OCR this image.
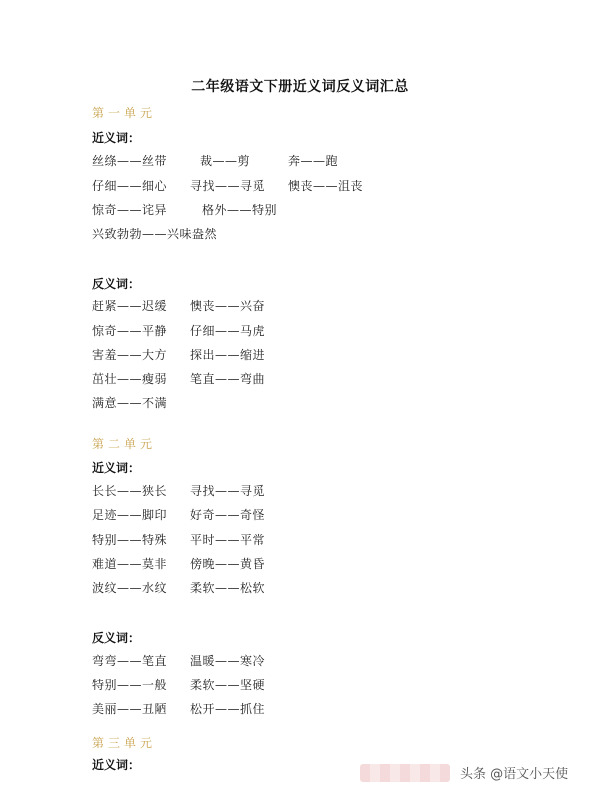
二年级语文下册近义词反义词汇总
第一单元
近义词：
丝绦——丝带	裁——剪	奔——跑
仔细——细心 寻找——寻觅 懊丧——沮丧
惊奇——诧异	格外——特别
兴致勃勃——兴味盎然
反义词：
赶紧——迟缓 懊丧——兴奋
惊奇——平静 仔细——马虎
害羞——大方 探出——缩进
茁壮——瘦弱 笔直——弯曲
满意——不满
第二单元
近义词：
长长——狭长 寻找——寻觅
足迹——脚印 好奇——奇怪
特别——特殊 平时——平常
难道——莫非 傍晚——黄昏
波纹——水纹 柔软——松软
反义词：
弯弯——笔直 温暖——寒冷
特别——一般 柔软——坚硬
美丽——丑陋 松开——抓住
第三单元
近义词：
头条 @语文小天使
